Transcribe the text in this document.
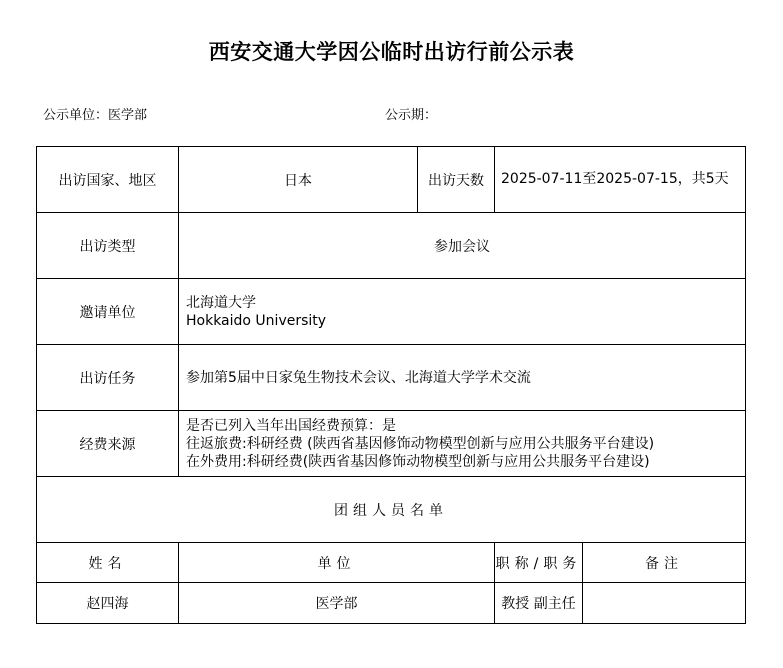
西安交通大学因公临时出访行前公示表
公示单位：医学部	公示期：
出访国家、地区	日本	出访天数	2025-07-11至2025-07-15，共5天	
出访类型	参加会议			
邀请单位	北海道大学
Hokkaido University			

出访任务	参加第5届中日家兔生物技术会议、北海道大学学术交流			
经费来源	是否已列入当年出国经费预算：是
往返旅费:科研经费 (陕西省基因修饰动物模型创新与应用公共服务平台建设)
在外费用:科研经费(陕西省基因修饰动物模型创新与应用公共服务平台建设)			

团组人员名单				
姓名	单位		职称/职务	备注
赵四海	医学部		教授 副主任	
